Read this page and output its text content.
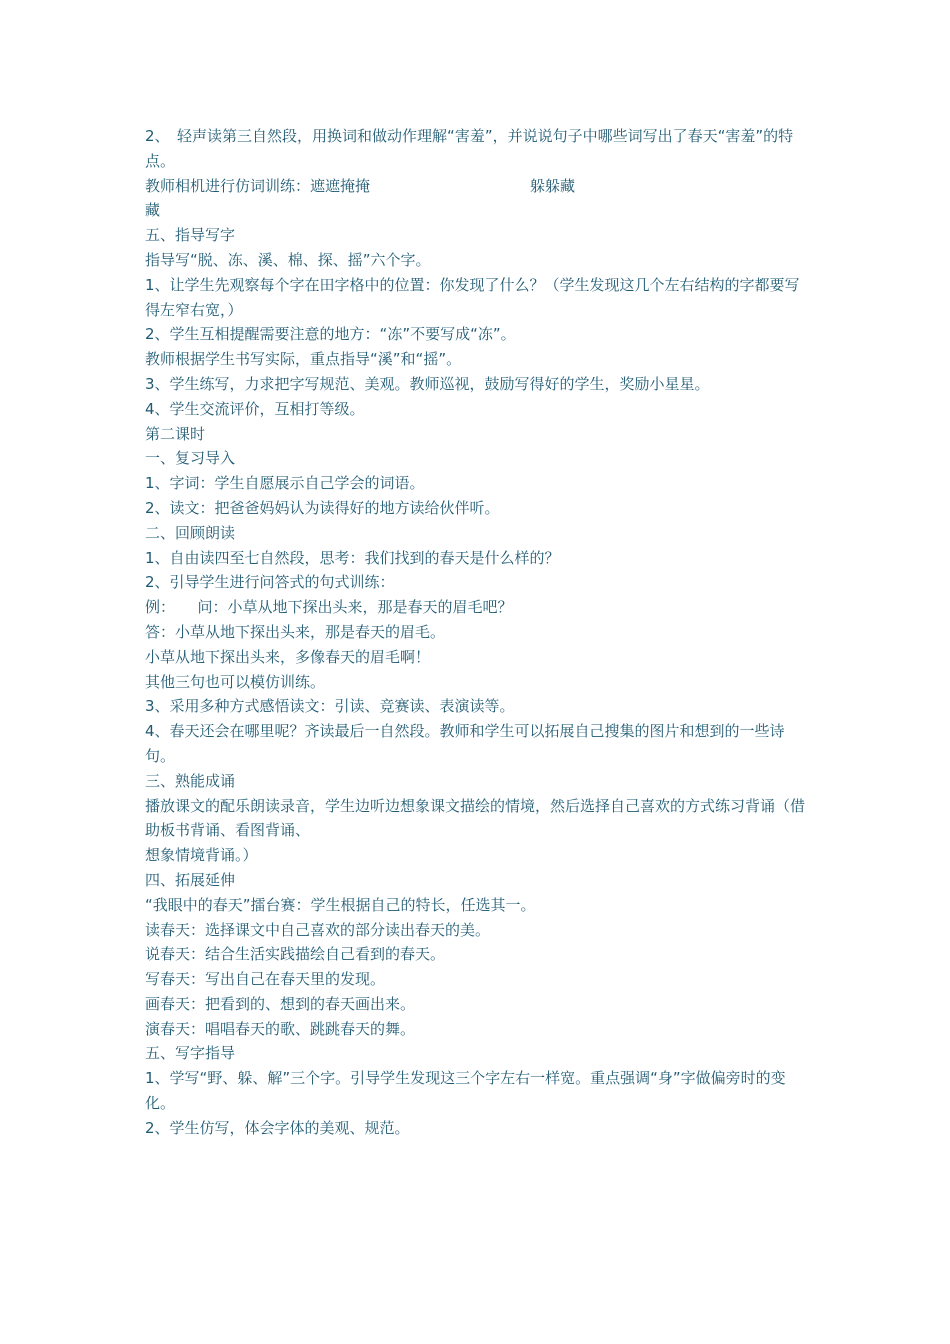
2、　轻声读第三自然段，用换词和做动作理解“害羞”，并说说句子中哪些词写出了春天“害羞”的特点。

教师相机进行仿词训练：遮遮掩掩	躲躲藏

藏

五、指导写字

指导写“脱、冻、溪、棉、探、摇”六个字。

1、让学生先观察每个字在田字格中的位置：你发现了什么？（学生发现这几个左右结构的字都要写得左窄右宽，）

2、学生互相提醒需要注意的地方：“冻”不要写成“冻”。

教师根据学生书写实际，重点指导“溪”和“摇”。

3、学生练写，力求把字写规范、美观。教师巡视，鼓励写得好的学生，奖励小星星。

4、学生交流评价，互相打等级。

第二课时

一、复习导入

1、字词：学生自愿展示自己学会的词语。

2、读文：把爸爸妈妈认为读得好的地方读给伙伴听。

二、回顾朗读

1、自由读四至七自然段，思考：我们找到的春天是什么样的？

2、引导学生进行问答式的句式训练：

例：　　问：小草从地下探出头来，那是春天的眉毛吧？

答：小草从地下探出头来，那是春天的眉毛。

小草从地下探出头来，多像春天的眉毛啊！

其他三句也可以模仿训练。

3、采用多种方式感悟读文：引读、竞赛读、表演读等。

4、春天还会在哪里呢？齐读最后一自然段。教师和学生可以拓展自己搜集的图片和想到的一些诗句。

三、熟能成诵

播放课文的配乐朗读录音，学生边听边想象课文描绘的情境，然后选择自己喜欢的方式练习背诵（借助板书背诵、看图背诵、

想象情境背诵。）

四、拓展延伸

“我眼中的春天”擂台赛：学生根据自己的特长，任选其一。

读春天：选择课文中自己喜欢的部分读出春天的美。

说春天：结合生活实践描绘自己看到的春天。

写春天：写出自己在春天里的发现。

画春天：把看到的、想到的春天画出来。

演春天：唱唱春天的歌、跳跳春天的舞。

五、写字指导

1、学写“野、躲、解”三个字。引导学生发现这三个字左右一样宽。重点强调“身”字做偏旁时的变化。

2、学生仿写，体会字体的美观、规范。
